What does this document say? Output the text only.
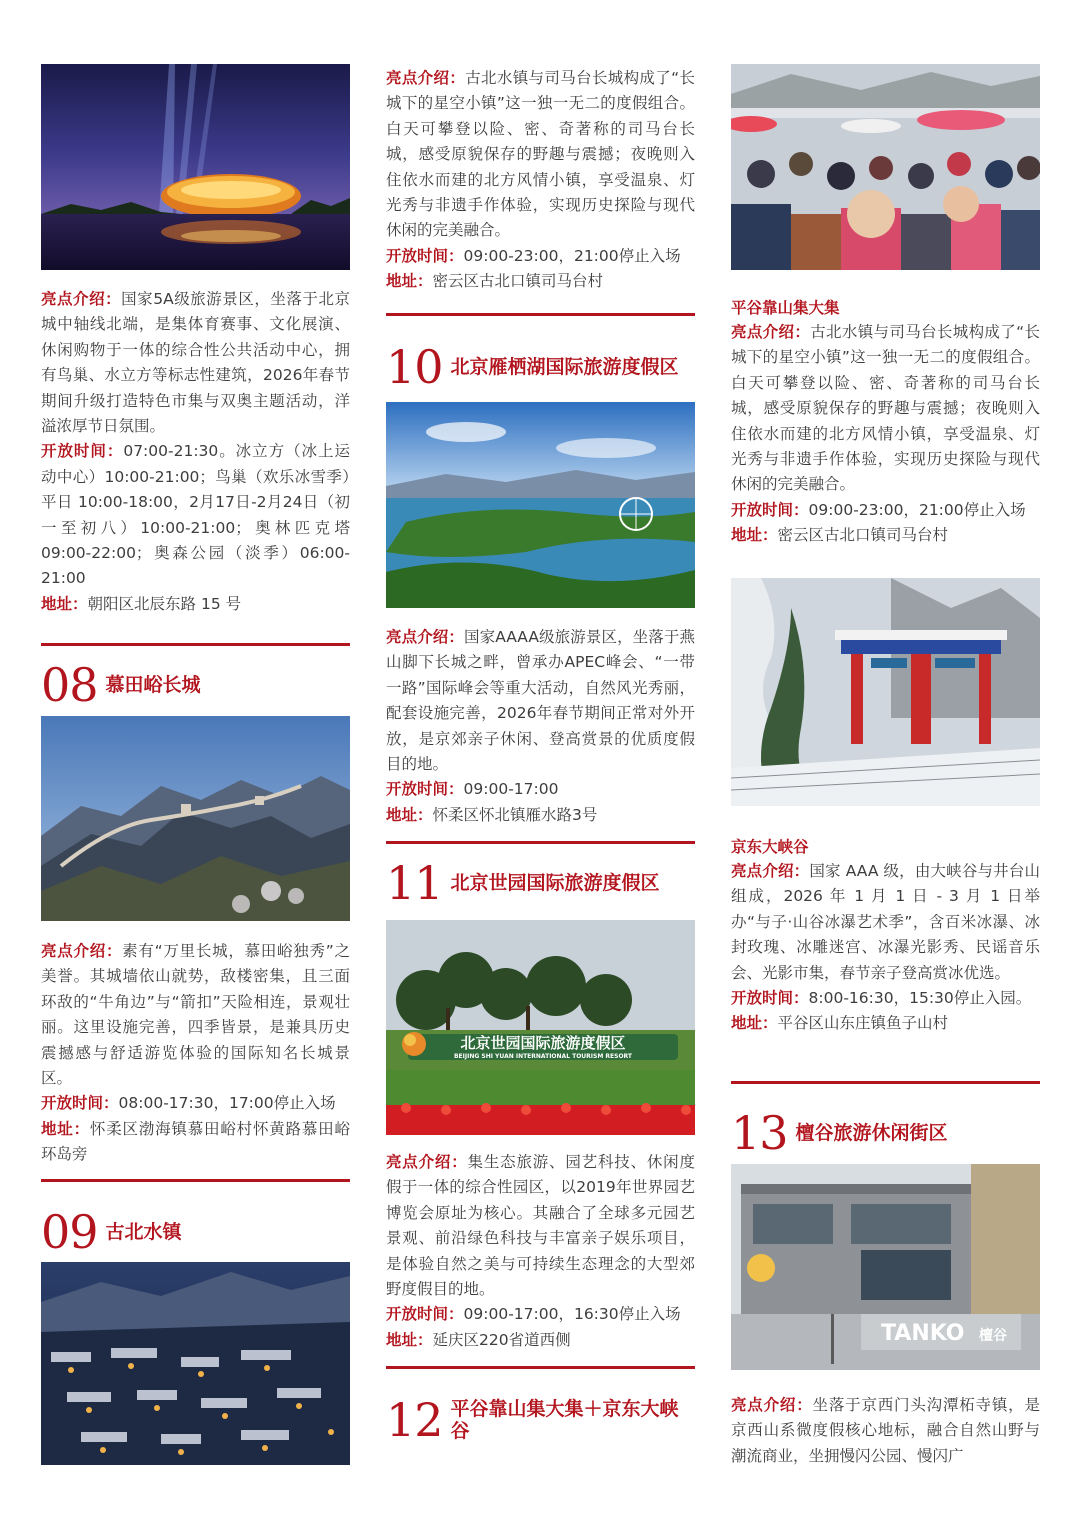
亮点介绍：国家5A级旅游景区，坐落于北京城中轴线北端，是集体育赛事、文化展演、休闲购物于一体的综合性公共活动中心，拥有鸟巢、水立方等标志性建筑，2026年春节期间升级打造特色市集与双奥主题活动，洋溢浓厚节日氛围。

开放时间：07:00-21:30。冰立方（冰上运动中心）10:00-21:00；鸟巢（欢乐冰雪季）平日 10:00-18:00，2月17日-2月24日（初一至初八）10:00-21:00；奥林匹克塔 09:00-22:00；奥森公园（淡季）06:00-21:00

地址：朝阳区北辰东路 15 号

08 慕田峪长城

亮点介绍：素有“万里长城，慕田峪独秀”之美誉。其城墙依山就势，敌楼密集，且三面环敌的“牛角边”与“箭扣”天险相连，景观壮丽。这里设施完善，四季皆景，是兼具历史震撼感与舒适游览体验的国际知名长城景区。

开放时间：08:00-17:30，17:00停止入场

地址：怀柔区渤海镇慕田峪村怀黄路慕田峪环岛旁

09 古北水镇

亮点介绍：古北水镇与司马台长城构成了“长城下的星空小镇”这一独一无二的度假组合。白天可攀登以险、密、奇著称的司马台长城，感受原貌保存的野趣与震撼；夜晚则入住依水而建的北方风情小镇，享受温泉、灯光秀与非遗手作体验，实现历史探险与现代休闲的完美融合。

开放时间：09:00-23:00，21:00停止入场

地址：密云区古北口镇司马台村

10 北京雁栖湖国际旅游度假区

亮点介绍：国家AAAA级旅游景区，坐落于燕山脚下长城之畔，曾承办APEC峰会、“一带一路”国际峰会等重大活动，自然风光秀丽，配套设施完善，2026年春节期间正常对外开放，是京郊亲子休闲、登高赏景的优质度假目的地。

开放时间：09:00-17:00

地址：怀柔区怀北镇雁水路3号

11 北京世园国际旅游度假区
北京世园国际旅游度假区
BEIJING SHI YUAN INTERNATIONAL TOURISM RESORT

亮点介绍：集生态旅游、园艺科技、休闲度假于一体的综合性园区，以2019年世界园艺博览会原址为核心。其融合了全球多元园艺景观、前沿绿色科技与丰富亲子娱乐项目，是体验自然之美与可持续生态理念的大型郊野度假目的地。

开放时间：09:00-17:00，16:30停止入场

地址：延庆区220省道西侧

12 平谷靠山集大集＋京东大峡谷
平谷靠山集大集

亮点介绍：古北水镇与司马台长城构成了“长城下的星空小镇”这一独一无二的度假组合。白天可攀登以险、密、奇著称的司马台长城，感受原貌保存的野趣与震撼；夜晚则入住依水而建的北方风情小镇，享受温泉、灯光秀与非遗手作体验，实现历史探险与现代休闲的完美融合。

开放时间：09:00-23:00，21:00停止入场

地址：密云区古北口镇司马台村

京东大峡谷

亮点介绍：国家 AAA 级，由大峡谷与井台山组成，2026 年 1 月 1 日 - 3 月 1 日举办“与子·山谷冰瀑艺术季”，含百米冰瀑、冰封玫瑰、冰雕迷宫、冰瀑光影秀、民谣音乐会、光影市集，春节亲子登高赏冰优选。

开放时间：8:00-16:30，15:30停止入园。

地址：平谷区山东庄镇鱼子山村

13 檀谷旅游休闲街区
TANKO 檀谷

亮点介绍：坐落于京西门头沟潭柘寺镇，是京西山系微度假核心地标，融合自然山野与潮流商业，坐拥慢闪公园、慢闪广
